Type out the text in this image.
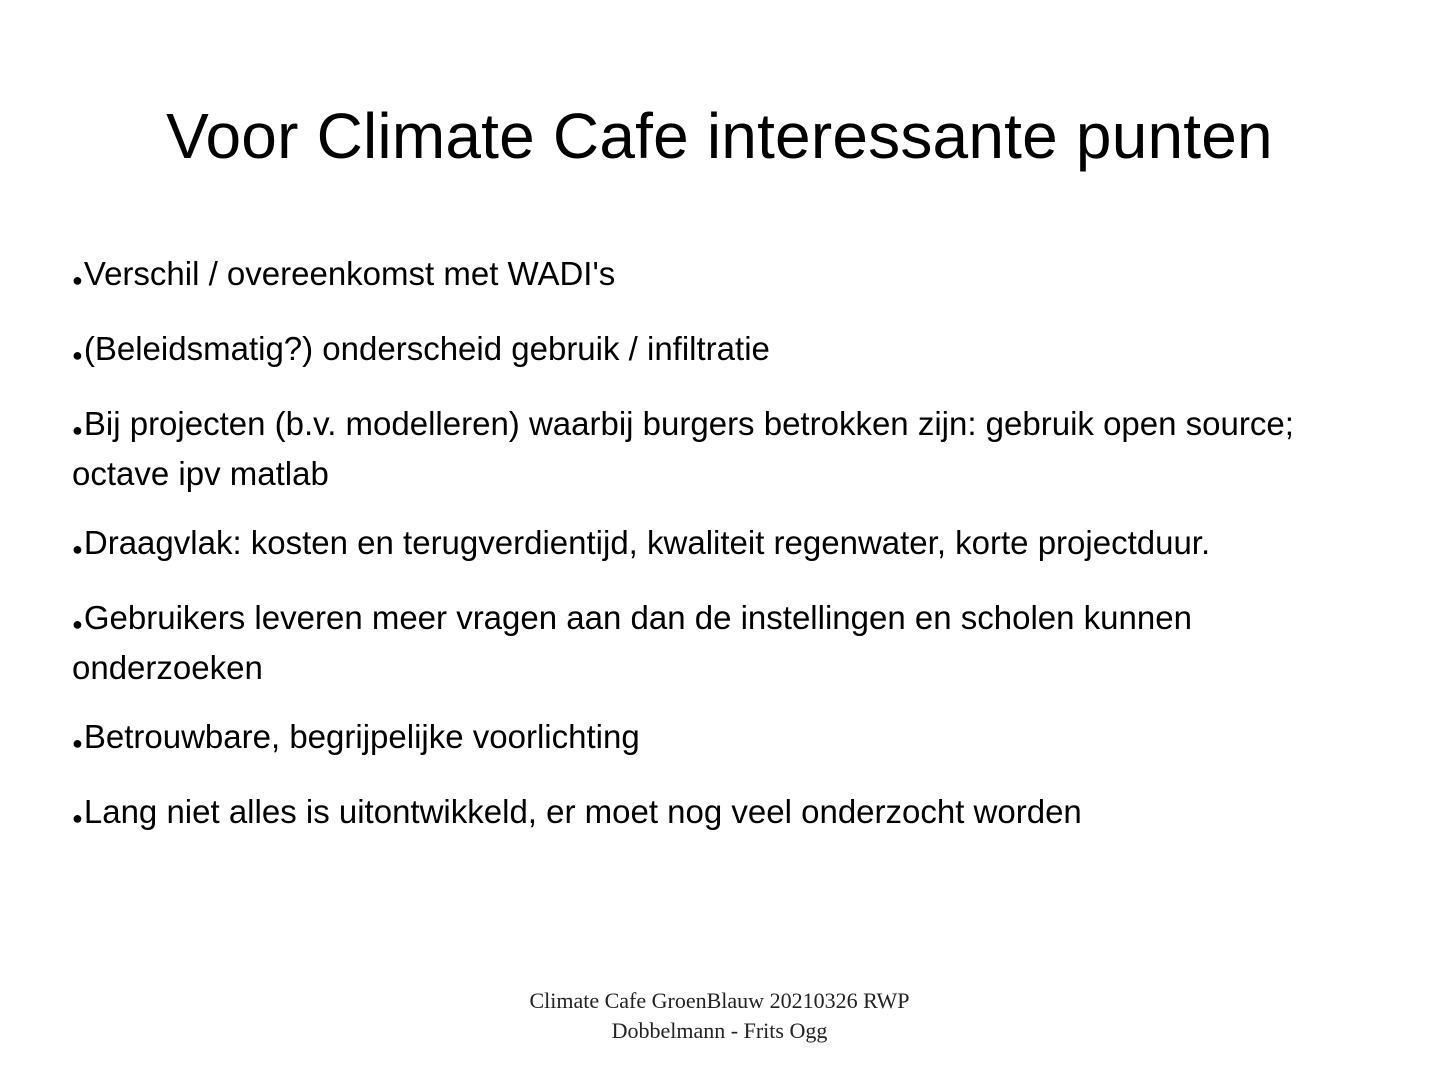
Voor Climate Cafe interessante punten
●Verschil / overeenkomst met WADI's
●(Beleidsmatig?) onderscheid gebruik / infiltratie
●Bij projecten (b.v. modelleren) waarbij burgers betrokken zijn: gebruik open source; octave ipv matlab
●Draagvlak: kosten en terugverdientijd, kwaliteit regenwater, korte projectduur.
●Gebruikers leveren meer vragen aan dan de instellingen en scholen kunnen onderzoeken
●Betrouwbare, begrijpelijke voorlichting
●Lang niet alles is uitontwikkeld, er moet nog veel onderzocht worden
Climate Cafe GroenBlauw 20210326 RWP
Dobbelmann - Frits Ogg
